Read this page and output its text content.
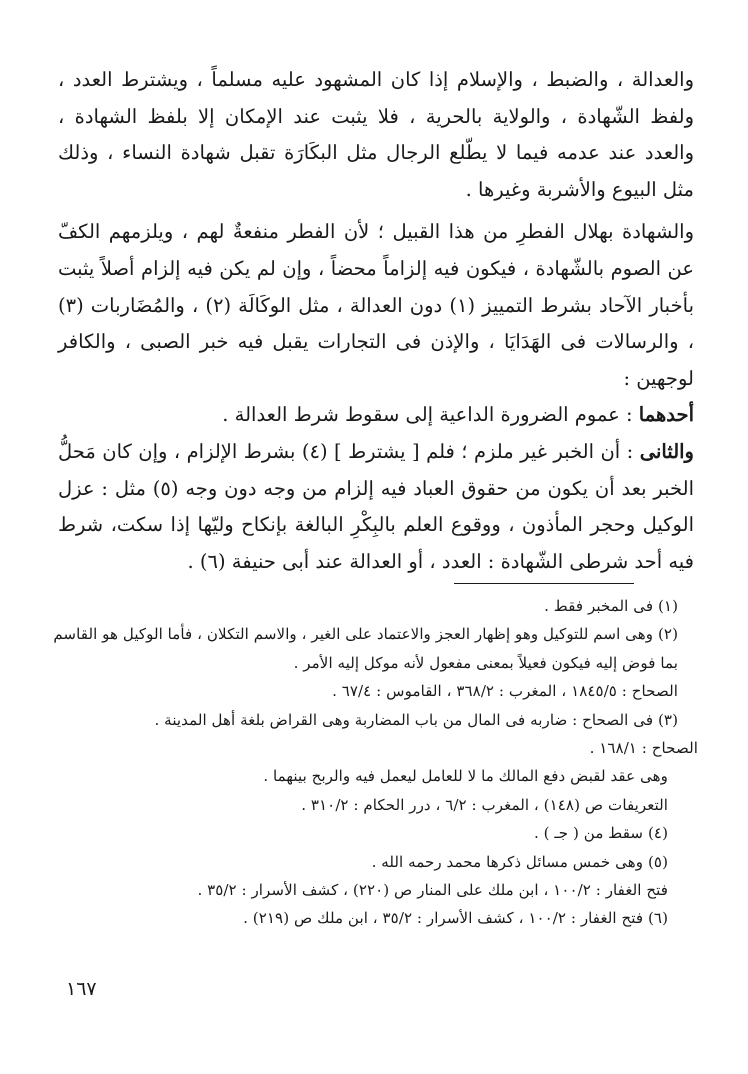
والعدالة ، والضبط ، والإسلام إذا كان المشهود عليه مسلماً ، ويشترط العدد ، ولفظ الشّهادة ، والولاية بالحرية ، فلا يثبت عند الإمكان إلا بلفظ الشهادة ، والعدد عند عدمه فيما لا يطّلع الرجال مثل البكَارَة تقبل شهادة النساء ، وذلك مثل البيوع والأشربة وغيرها .

والشهادة بهلال الفطرِ من هذا القبيل ؛ لأن الفطر منفعةٌ لهم ، ويلزمهم الكفّ عن الصوم بالشّهادة ، فيكون فيه إلزاماً محضاً ، وإن لم يكن فيه إلزام أصلاً يثبت بأخبار الآحاد بشرط التمييز (١) دون العدالة ، مثل الوكَالَة (٢) ، والمُضَاربات (٣) ، والرسالات فى الهَدَايَا ، والإذن فى التجارات يقبل فيه خبر الصبى ، والكافر لوجهين :

أحدهما : عموم الضرورة الداعية إلى سقوط شرط العدالة .

والثانى : أن الخبر غير ملزم ؛ فلم [ يشترط ] (٤) بشرط الإلزام ، وإن كان مَحلُّ الخبر بعد أن يكون من حقوق العباد فيه إلزام من وجه دون وجه (٥) مثل : عزل الوكيل وحجر المأذون ، ووقوع العلم بالبِكْرِ البالغة بإنكاح وليّها إذا سكت، شرط فيه أحد شرطى الشّهادة : العدد ، أو العدالة عند أبى حنيفة (٦) .

(١) فى المخبر فقط .

(٢) وهى اسم للتوكيل وهو إظهار العجز والاعتماد على الغير ، والاسم التكلان ، فأما الوكيل هو القاسم بما فوض إليه فيكون فعيلاً بمعنى مفعول لأنه موكل إليه الأمر .

الصحاح : ١٨٤٥/٥ ، المغرب : ٣٦٨/٢ ، القاموس : ٦٧/٤ .

(٣) فى الصحاح : ضاربه فى المال من باب المضاربة وهى القراض بلغة أهل المدينة .

الصحاح : ١٦٨/١ .

وهى عقد لقبض دفع المالك ما لا للعامل ليعمل فيه والربح بينهما .

التعريفات ص (١٤٨) ، المغرب : ٦/٢ ، درر الحكام : ٣١٠/٢ .

(٤) سقط من ( جـ ) .

(٥) وهى خمس مسائل ذكرها محمد رحمه الله .

فتح الغفار : ١٠٠/٢ ، ابن ملك على المنار ص (٢٢٠) ، كشف الأسرار : ٣٥/٢ .

(٦) فتح الغفار : ١٠٠/٢ ، كشف الأسرار : ٣٥/٢ ، ابن ملك ص (٢١٩) .

١٦٧
